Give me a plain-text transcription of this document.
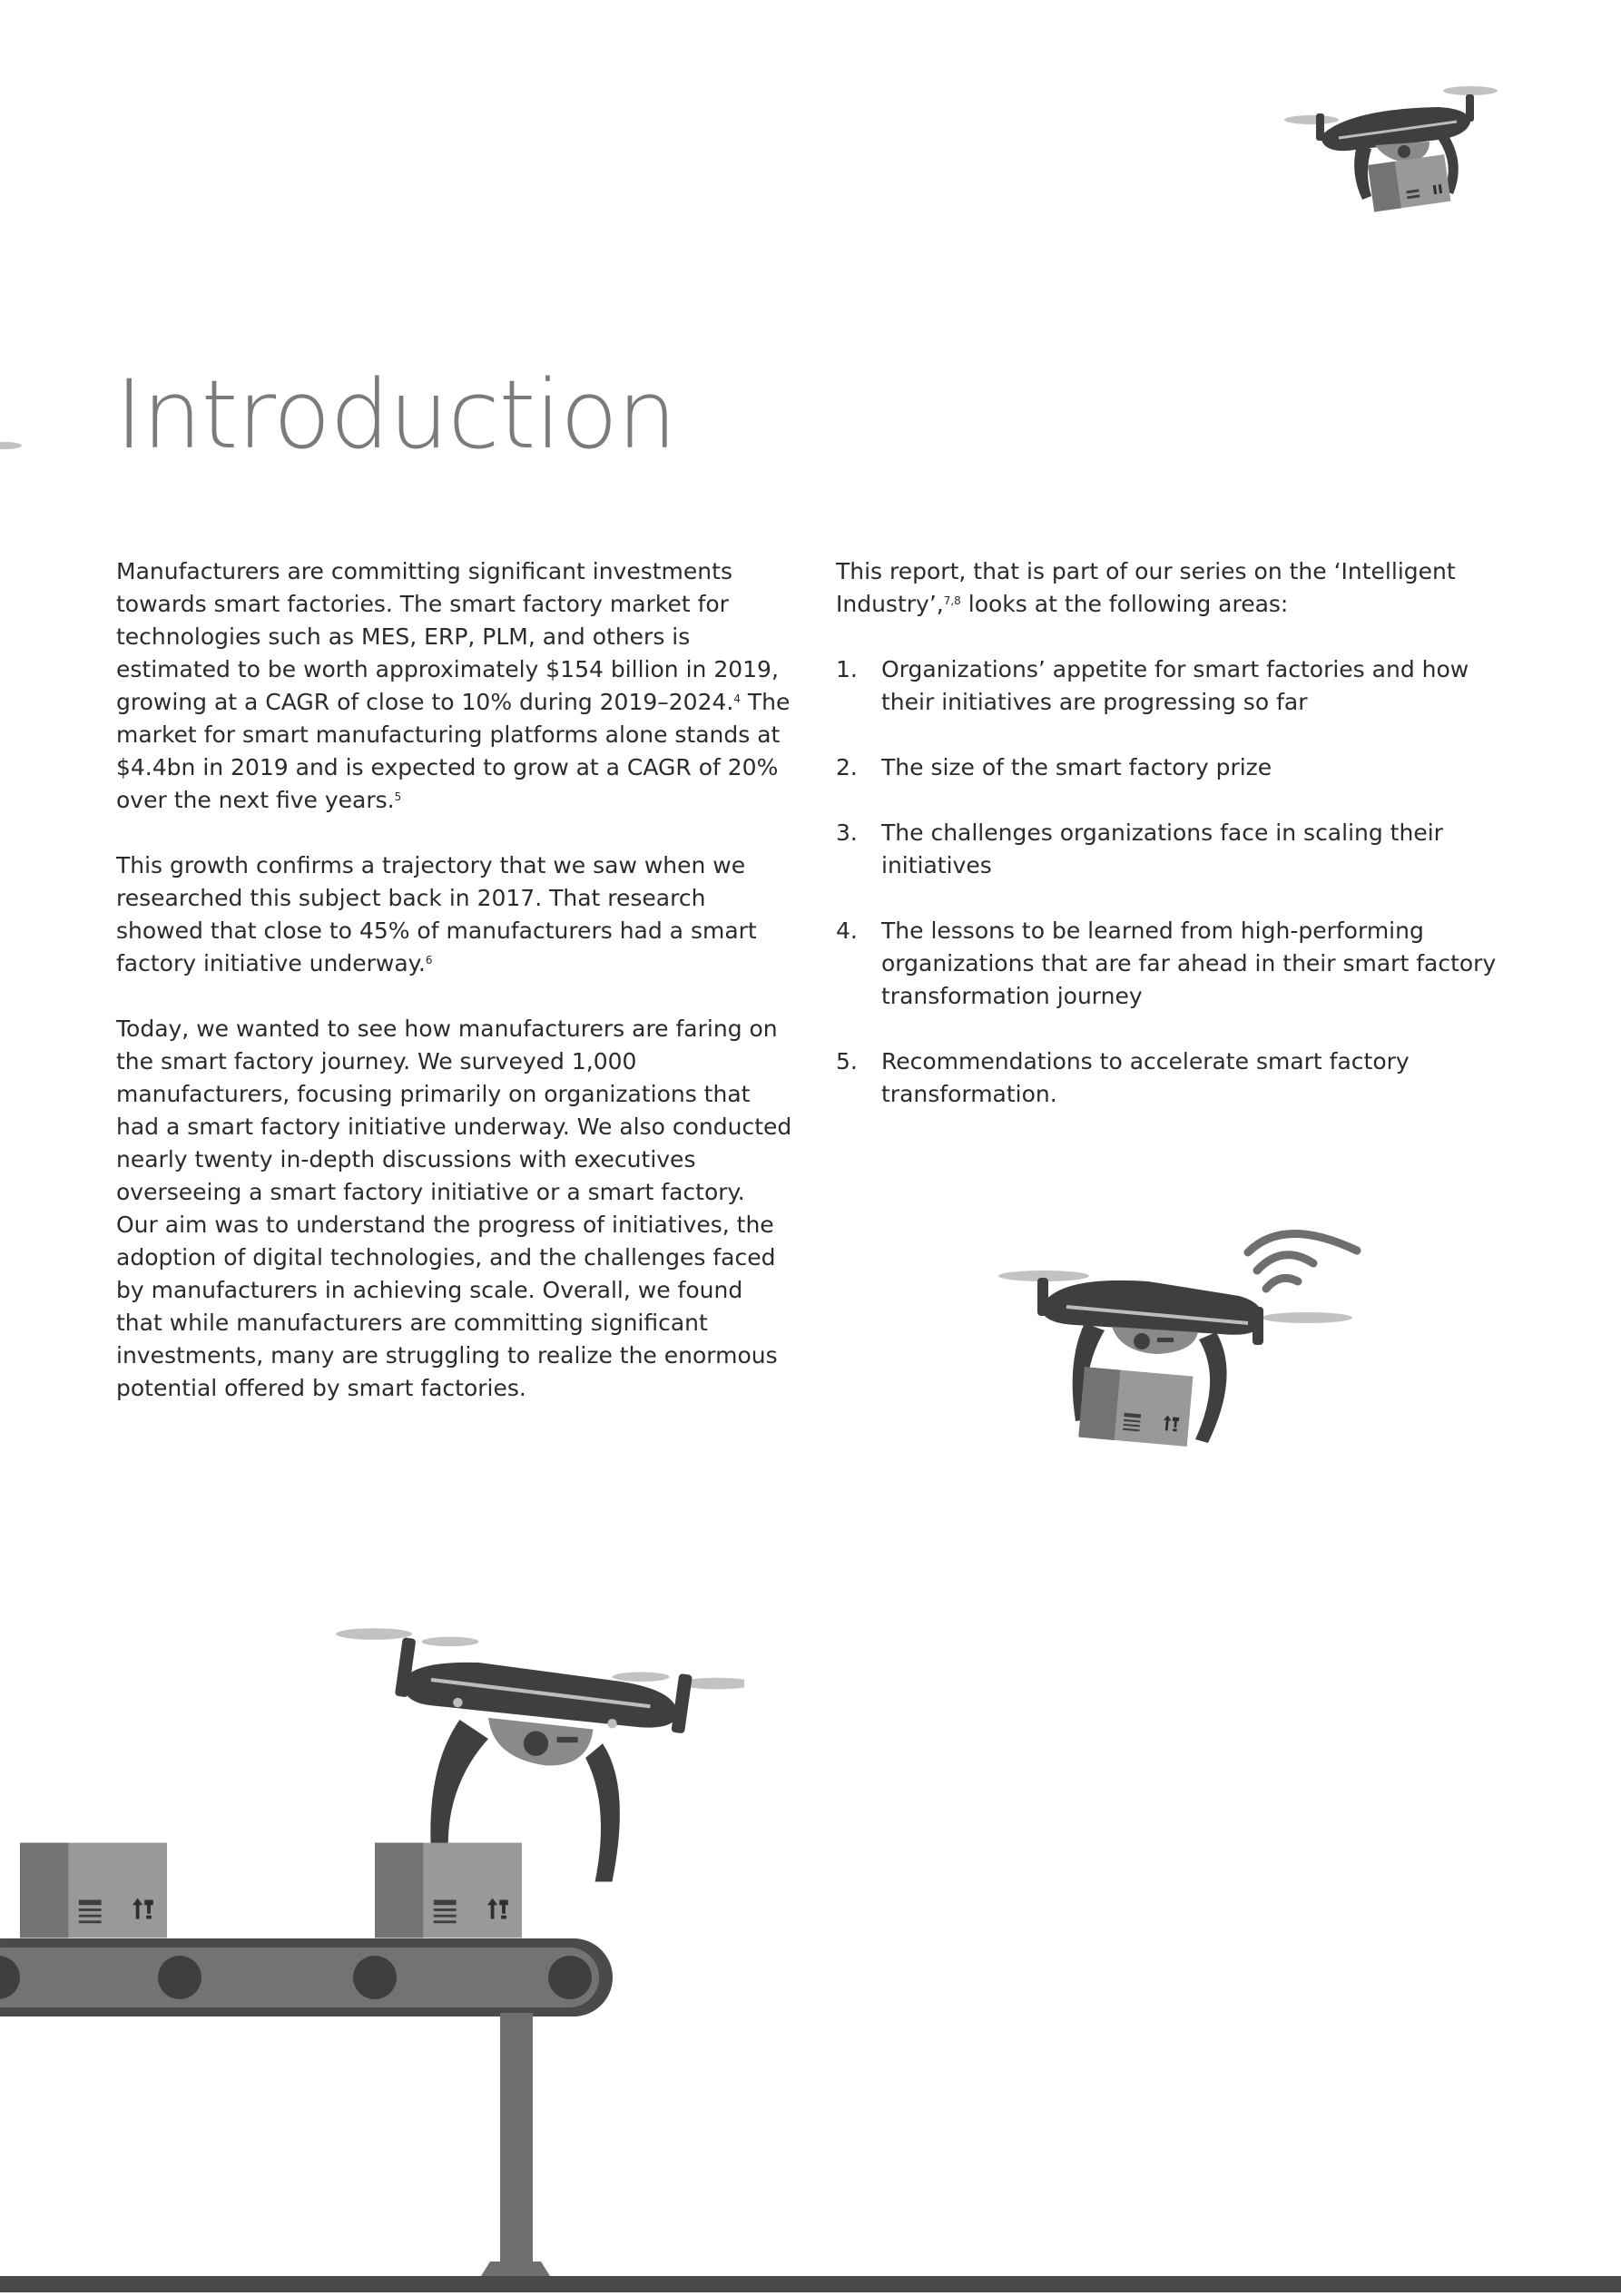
Introduction

Manufacturers are committing significant investments towards smart factories. The smart factory market for technologies such as MES, ERP, PLM, and others is estimated to be worth approximately $154 billion in 2019, growing at a CAGR of close to 10% during 2019–2024.$^4$ The market for smart manufacturing platforms alone stands at $4.4bn in 2019 and is expected to grow at a CAGR of 20% over the next five years.$^5$

This growth confirms a trajectory that we saw when we researched this subject back in 2017. That research showed that close to 45% of manufacturers had a smart factory initiative underway.$^6$

Today, we wanted to see how manufacturers are faring on the smart factory journey. We surveyed 1,000 manufacturers, focusing primarily on organizations that had a smart factory initiative underway. We also conducted nearly twenty in-depth discussions with executives overseeing a smart factory initiative or a smart factory. Our aim was to understand the progress of initiatives, the adoption of digital technologies, and the challenges faced by manufacturers in achieving scale. Overall, we found that while manufacturers are committing significant investments, many are struggling to realize the enormous potential offered by smart factories.

This report, that is part of our series on the ‘Intelligent Industry’,$^{7,8}$ looks at the following areas:

1. Organizations’ appetite for smart factories and how their initiatives are progressing so far
2. The size of the smart factory prize
3. The challenges organizations face in scaling their initiatives
4. The lessons to be learned from high-performing organizations that are far ahead in their smart factory transformation journey
5. Recommendations to accelerate smart factory transformation.
